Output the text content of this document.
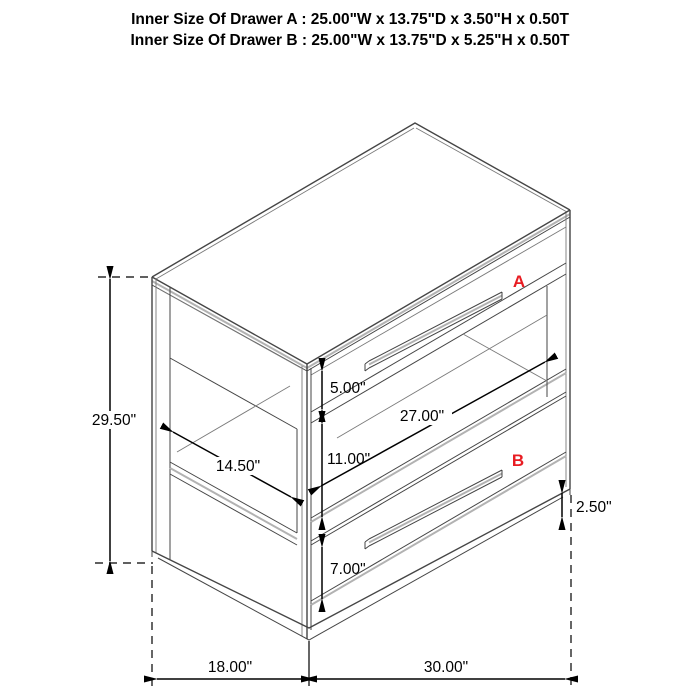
Inner Size Of Drawer A : 25.00"W x 13.75"D x 3.50"H x 0.50T
Inner Size Of Drawer B : 25.00"W x 13.75"D x 5.25"H x 0.50T
A
B
29.50"
5.00"
11.00"
7.00"
27.00"
14.50"
2.50"
18.00"	30.00"
